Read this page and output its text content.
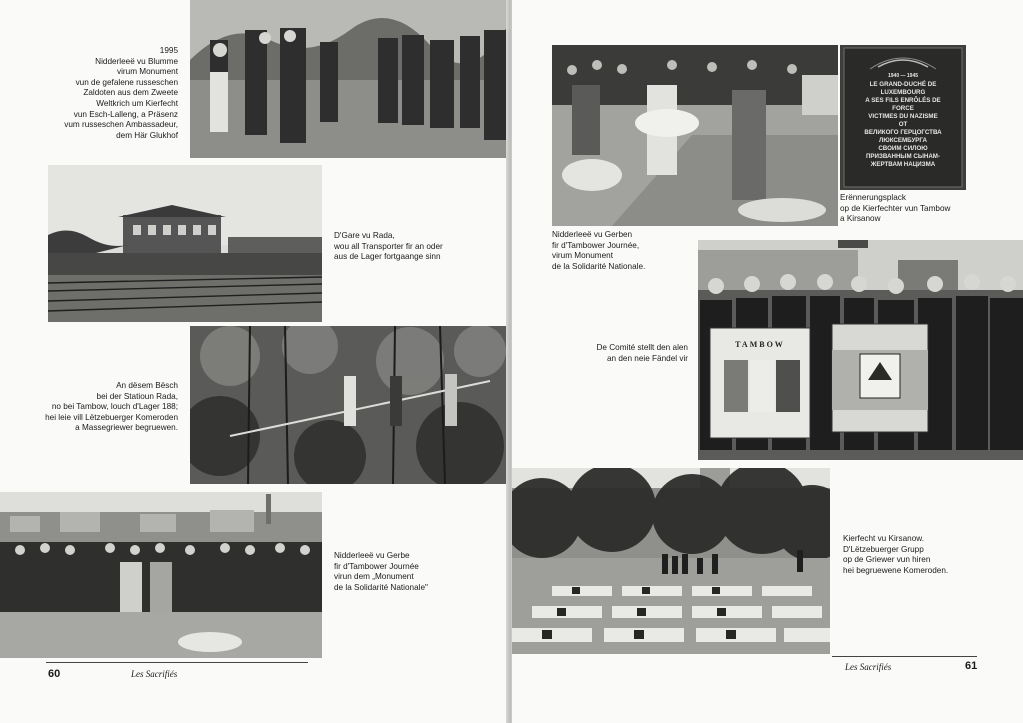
1995
Nidderleeë vu Blumme
virum Monument
vun de gefalene russeschen
Zaldoten aus dem Zweete
Weltkrich um Kierfecht
vun Esch-Lalleng, a Präsenz
vum russeschen Ambassadeur,
dem Här Glukhof
D'Gare vu Rada,
wou all Transporter fir an oder
aus de Lager fortgaange sinn
An dësem Bësch
bei der Statioun Rada,
no bei Tambow, louch d'Lager 188;
hei leie vill Lëtzebuerger Komeroden
a Massegriewer begruewen.
Nidderleeë vu Gerbe
fir d'Tambower Journée
virun dem „Monument
de la Solidarité Nationale"
60	Les Sacrifiés
1940 — 1945
LE GRAND-DUCHÉ DE
LUXEMBOURG
A SES FILS ENRÔLÉS DE
FORCE
VICTIMES DU NAZISME
ОТ
ВЕЛИКОГО ГЕРЦОГСТВА
ЛЮКСЕМБУРГА
СВОИМ СИЛОЮ
ПРИЗВАННЫМ СЫНАМ-
ЖЕРТВАМ НАЦИЗМА
Erënnerungsplack
op de Kierfechter vun Tambow
a Kirsanow
Nidderleeë vu Gerben
fir d'Tambower Journée,
virum Monument
de la Solidarité Nationale.
TAMBOW
De Comité stellt den alen
an den neie Fändel vir
Kierfecht vu Kirsanow.
D'Lëtzebuerger Grupp
op de Griewer vun hiren
hei begruewene Komeroden.
Les Sacrifiés	61
